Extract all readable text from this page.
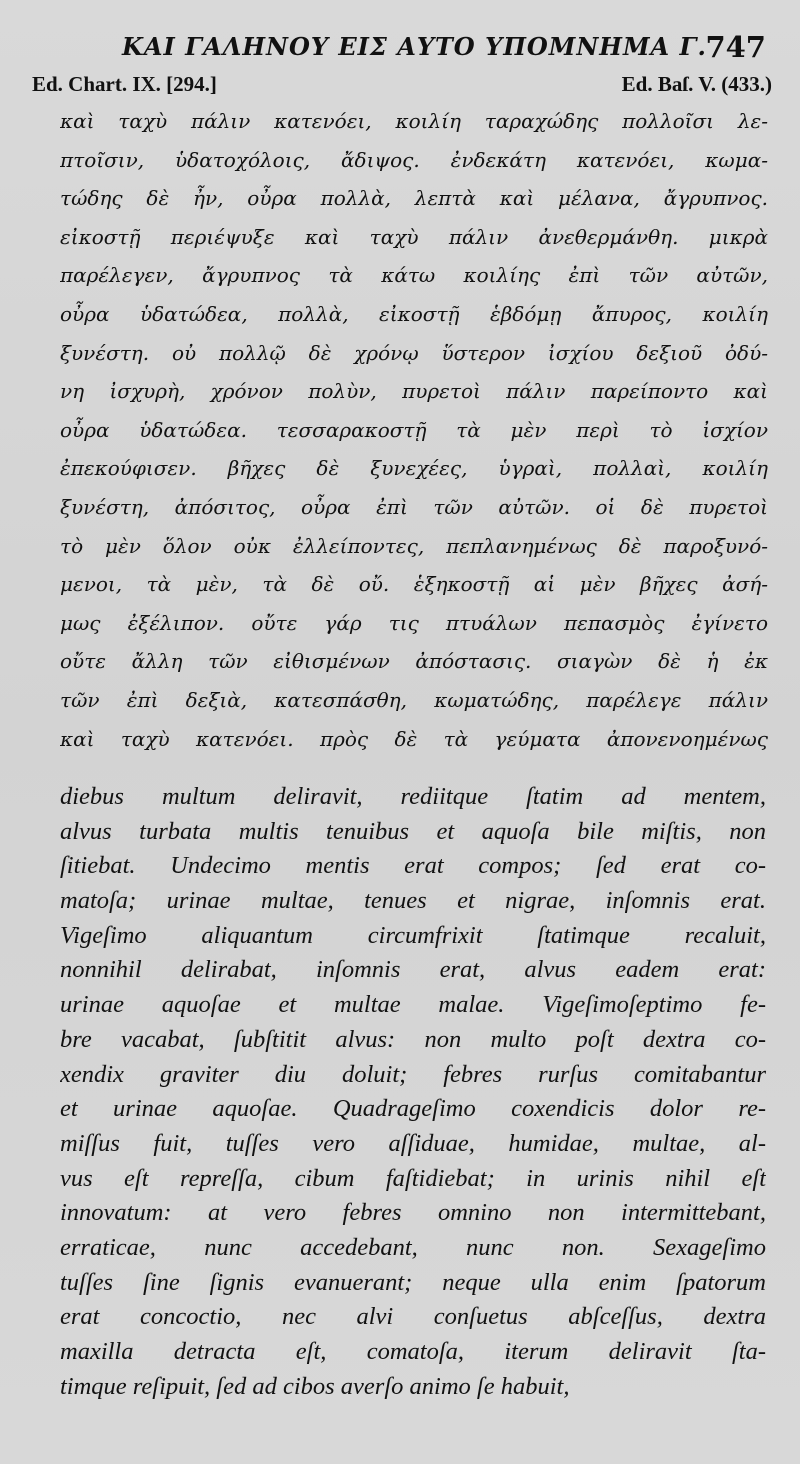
ΚΑΙ ΓΑΛΗΝΟΥ ΕΙΣ ΑΥΤΟ ΥΠΟΜΝΗΜΑ Γ.
747
Ed. Chart. IX. [294.]	Ed. Baſ. V. (433.)
καὶ ταχὺ πάλιν κατενόει, κοιλίη ταραχώδης πολλοῖσι λε-
πτοῖσιν, ὑδατοχόλοις, ἄδιψος. ἐνδεκάτη κατενόει, κωμα-
τώδης δὲ ἦν, οὖρα πολλὰ, λεπτὰ καὶ μέλανα, ἄγρυπνος.
εἰκοστῇ περιέψυξε καὶ ταχὺ πάλιν ἀνεθερμάνθη. μικρὰ
παρέλεγεν, ἄγρυπνος τὰ κάτω κοιλίης ἐπὶ τῶν αὐτῶν,
οὖρα ὑδατώδεα, πολλὰ, εἰκοστῇ ἑβδόμῃ ἄπυρος, κοιλίη
ξυνέστη. οὐ πολλῷ δὲ χρόνῳ ὕστερον ἰσχίου δεξιοῦ ὀδύ-
νη ἰσχυρὴ, χρόνον πολὺν, πυρετοὶ πάλιν παρείποντο καὶ
οὖρα ὑδατώδεα. τεσσαρακοστῇ τὰ μὲν περὶ τὸ ἰσχίον
ἐπεκούφισεν. βῆχες δὲ ξυνεχέες, ὑγραὶ, πολλαὶ, κοιλίη
ξυνέστη, ἀπόσιτος, οὖρα ἐπὶ τῶν αὐτῶν. οἱ δὲ πυρετοὶ
τὸ μὲν ὅλον οὐκ ἐλλείποντες, πεπλανημένως δὲ παροξυνό-
μενοι, τὰ μὲν, τὰ δὲ οὔ. ἑξηκοστῇ αἱ μὲν βῆχες ἀσή-
μως ἐξέλιπον. οὔτε γάρ τις πτυάλων πεπασμὸς ἐγίνετο
οὔτε ἄλλη τῶν εἰθισμένων ἀπόστασις. σιαγὼν δὲ ἡ ἐκ
τῶν ἐπὶ δεξιὰ, κατεσπάσθη, κωματώδης, παρέλεγε πάλιν
καὶ ταχὺ κατενόει. πρὸς δὲ τὰ γεύματα ἀπονενοημένως
diebus multum deliravit, rediitque ſtatim ad mentem,
alvus turbata multis tenuibus et aquoſa bile miſtis, non
ſitiebat. Undecimo mentis erat compos; ſed erat co-
matoſa; urinae multae, tenues et nigrae, inſomnis erat.
Vigeſimo aliquantum circumfrixit ſtatimque recaluit,
nonnihil delirabat, inſomnis erat, alvus eadem erat:
urinae aquoſae et multae malae. Vigeſimoſeptimo fe-
bre vacabat, ſubſtitit alvus: non multo poſt dextra co-
xendix graviter diu doluit; febres rurſus comitabantur
et urinae aquoſae. Quadrageſimo coxendicis dolor re-
miſſus fuit, tuſſes vero aſſiduae, humidae, multae, al-
vus eſt repreſſa, cibum faſtidiebat; in urinis nihil eſt
innovatum: at vero febres omnino non intermittebant,
erraticae, nunc accedebant, nunc non. Sexageſimo
tuſſes ſine ſignis evanuerant; neque ulla enim ſpatorum
erat concoctio, nec alvi conſuetus abſceſſus, dextra
maxilla detracta eſt, comatoſa, iterum deliravit ſta-
timque reſipuit, ſed ad cibos averſo animo ſe habuit,
